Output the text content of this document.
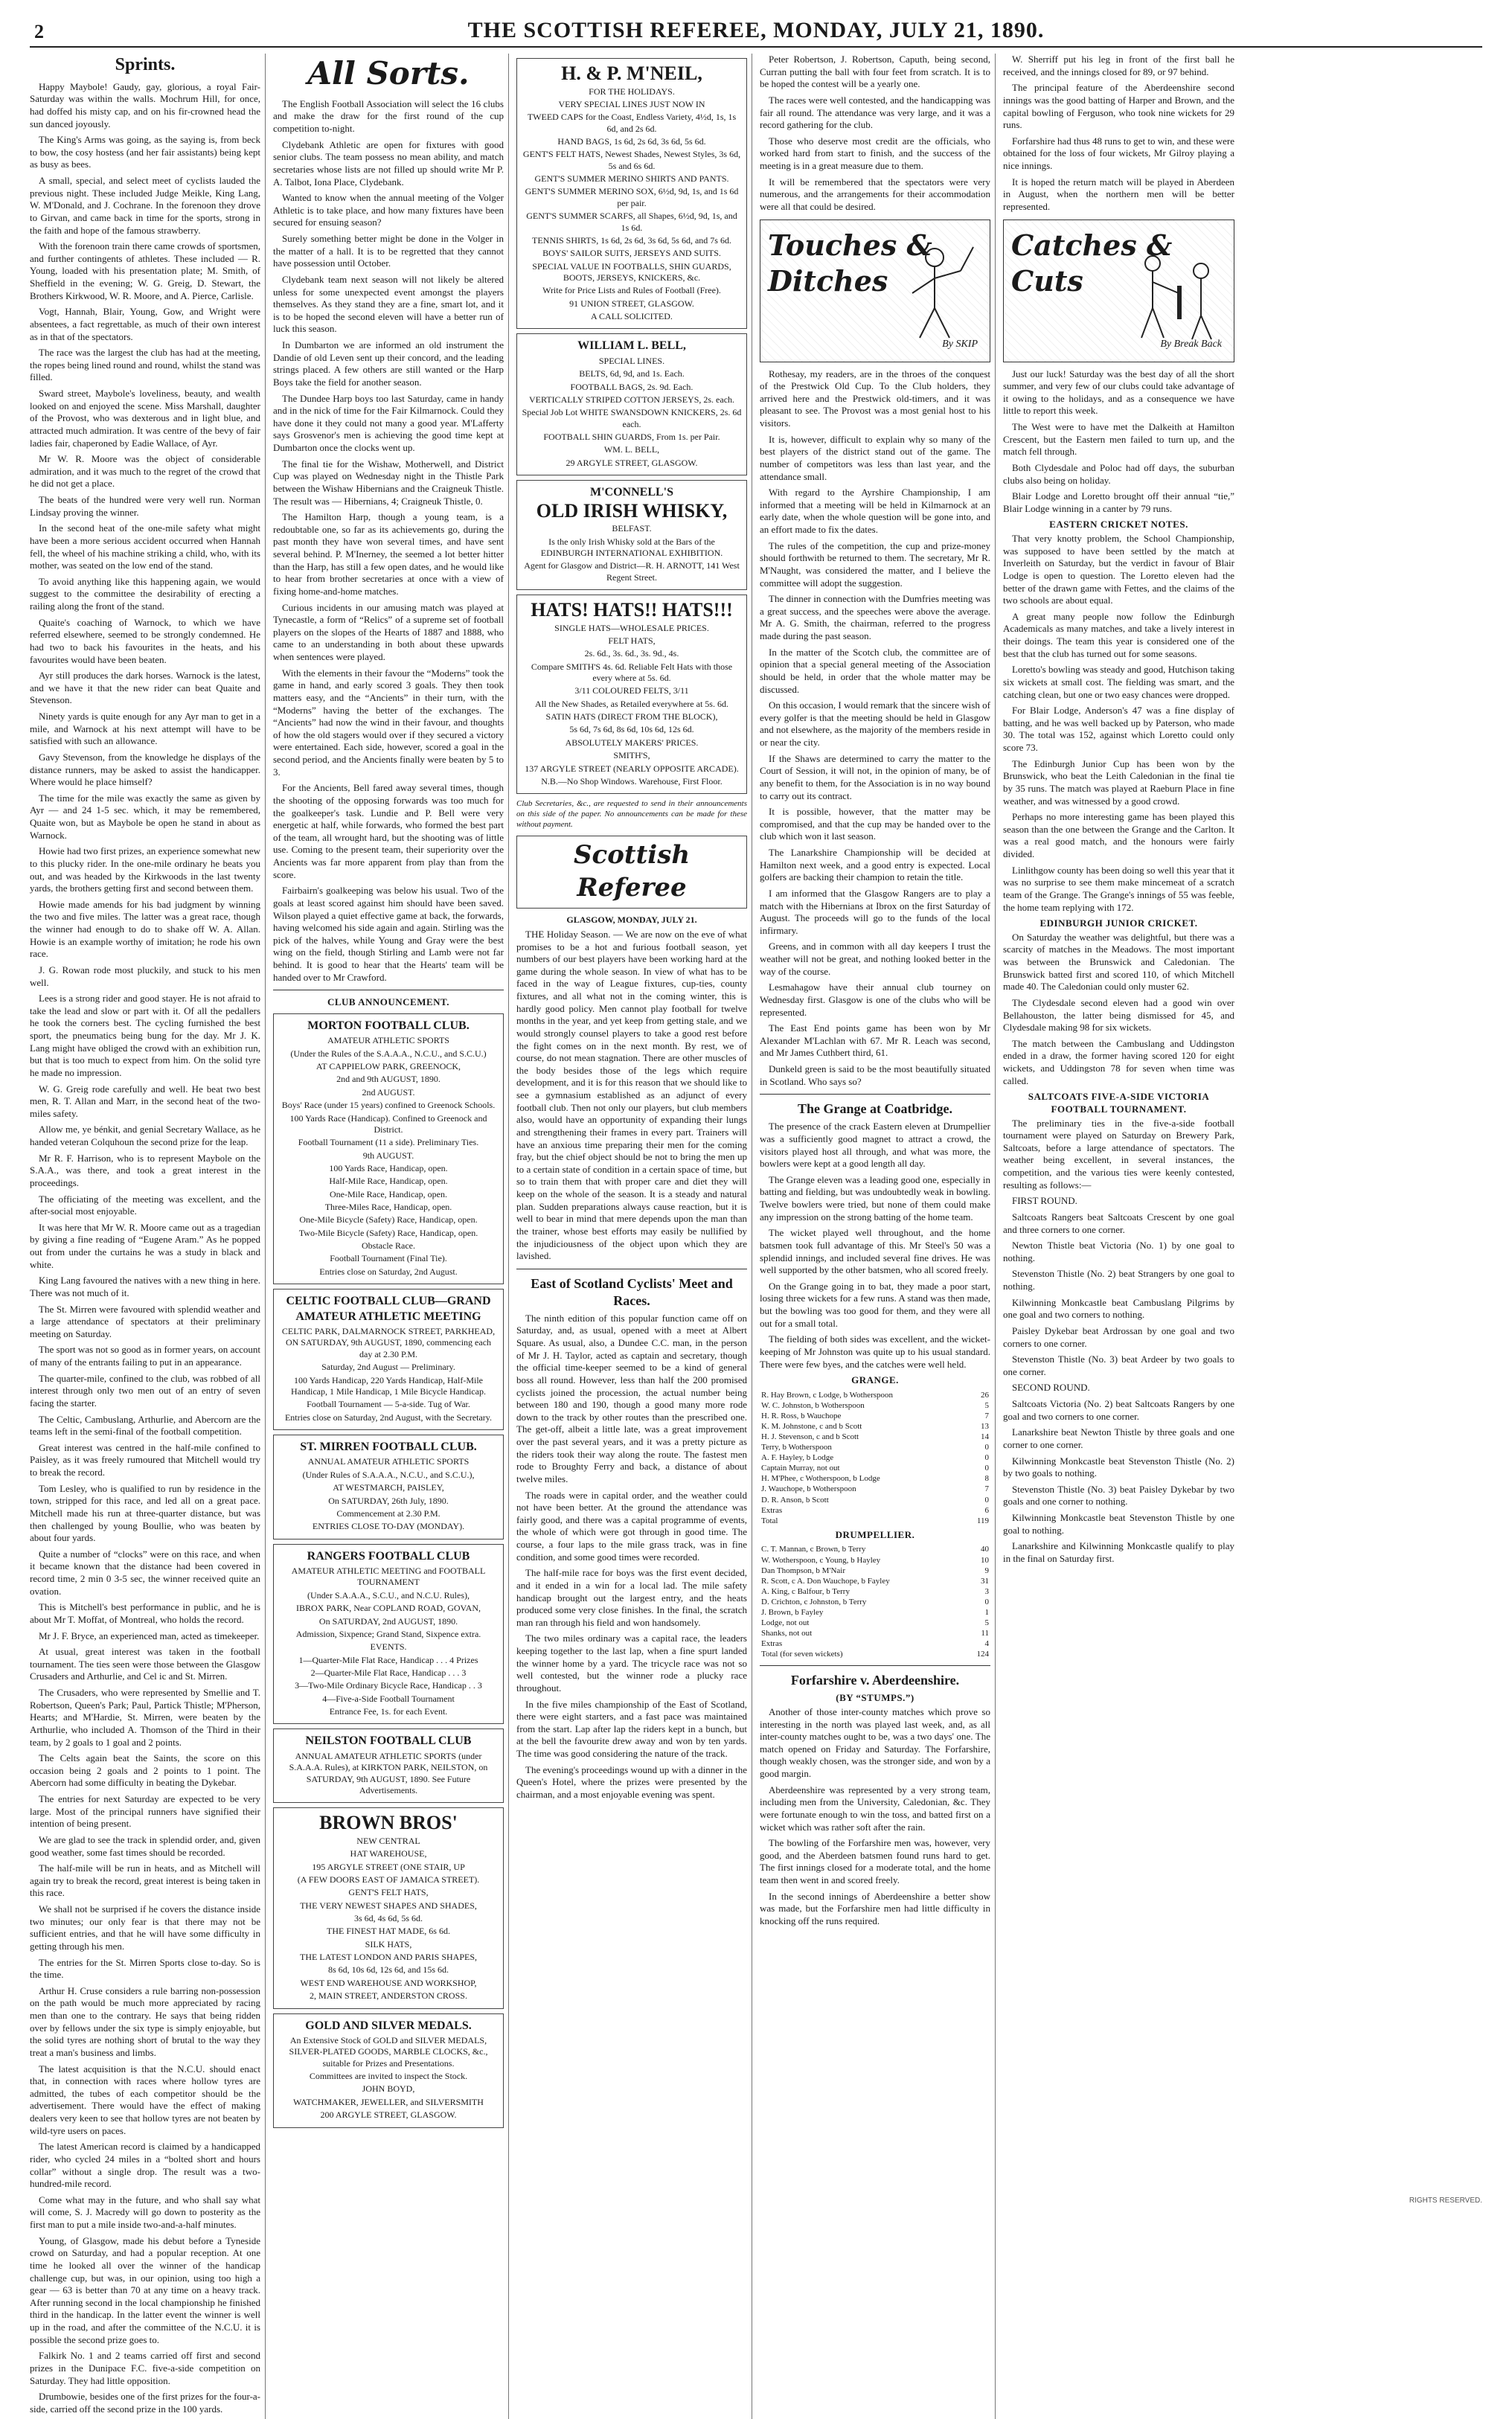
2	THE SCOTTISH REFEREE, MONDAY, JULY 21, 1890.
Sprints.

Happy Maybole! Gaudy, gay, glorious, a royal Fair-Saturday was within the walls. Mochrum Hill, for once, had doffed his misty cap, and on his fir-crowned head the sun danced joyously.

The King's Arms was going, as the saying is, from beck to bow, the cosy hostess (and her fair assistants) being kept as busy as bees.

A small, special, and select meet of cyclists lauded the previous night. These included Judge Meikle, King Lang, W. M'Donald, and J. Cochrane. In the forenoon they drove to Girvan, and came back in time for the sports, strong in the faith and hope of the famous strawberry.

With the forenoon train there came crowds of sportsmen, and further contingents of athletes. These included — R. Young, loaded with his presentation plate; M. Smith, of Sheffield in the evening; W. G. Greig, D. Stewart, the Brothers Kirkwood, W. R. Moore, and A. Pierce, Carlisle.

Vogt, Hannah, Blair, Young, Gow, and Wright were absentees, a fact regrettable, as much of their own interest as in that of the spectators.

The race was the largest the club has had at the meeting, the ropes being lined round and round, whilst the stand was filled.

Sward street, Maybole's loveliness, beauty, and wealth looked on and enjoyed the scene. Miss Marshall, daughter of the Provost, who was dexterous and in light blue, and attracted much admiration. It was centre of the bevy of fair ladies fair, chaperoned by Eadie Wallace, of Ayr.

Mr W. R. Moore was the object of considerable admiration, and it was much to the regret of the crowd that he did not get a place.

The beats of the hundred were very well run. Norman Lindsay proving the winner.

In the second heat of the one-mile safety what might have been a more serious accident occurred when Hannah fell, the wheel of his machine striking a child, who, with its mother, was seated on the low end of the stand.

To avoid anything like this happening again, we would suggest to the committee the desirability of erecting a railing along the front of the stand.

Quaite's coaching of Warnock, to which we have referred elsewhere, seemed to be strongly condemned. He had two to back his favourites in the heats, and his favourites would have been beaten.

Ayr still produces the dark horses. Warnock is the latest, and we have it that the new rider can beat Quaite and Stevenson.

Ninety yards is quite enough for any Ayr man to get in a mile, and Warnock at his next attempt will have to be satisfied with such an allowance.

Gavy Stevenson, from the knowledge he displays of the distance runners, may be asked to assist the handicapper. Where would he place himself?

The time for the mile was exactly the same as given by Ayr — and 24 1-5 sec. which, it may be remembered, Quaite won, but as Maybole be open he stand in about as Warnock.

Howie had two first prizes, an experience somewhat new to this plucky rider. In the one-mile ordinary he beats you out, and was headed by the Kirkwoods in the last twenty yards, the brothers getting first and second between them.

Howie made amends for his bad judgment by winning the two and five miles. The latter was a great race, though the winner had enough to do to shake off W. A. Allan. Howie is an example worthy of imitation; he rode his own race.

J. G. Rowan rode most pluckily, and stuck to his men well.

Lees is a strong rider and good stayer. He is not afraid to take the lead and slow or part with it. Of all the pedallers he took the corners best. The cycling furnished the best sport, the pneumatics being bung for the day. Mr J. K. Lang might have obliged the crowd with an exhibition run, but that is too much to expect from him. On the solid tyre he made no impression.

W. G. Greig rode carefully and well. He beat two best men, R. T. Allan and Marr, in the second heat of the two-miles safety.

Allow me, ye bénkit, and genial Secretary Wallace, as he handed veteran Colquhoun the second prize for the leap.

Mr R. F. Harrison, who is to represent Maybole on the S.A.A., was there, and took a great interest in the proceedings.

The officiating of the meeting was excellent, and the after-social most enjoyable.

It was here that Mr W. R. Moore came out as a tragedian by giving a fine reading of “Eugene Aram.” As he popped out from under the curtains he was a study in black and white.

King Lang favoured the natives with a new thing in here. There was not much of it.

The St. Mirren were favoured with splendid weather and a large attendance of spectators at their preliminary meeting on Saturday.

The sport was not so good as in former years, on account of many of the entrants failing to put in an appearance.

The quarter-mile, confined to the club, was robbed of all interest through only two men out of an entry of seven facing the starter.

The Celtic, Cambuslang, Arthurlie, and Abercorn are the teams left in the semi-final of the football competition.

Great interest was centred in the half-mile confined to Paisley, as it was freely rumoured that Mitchell would try to break the record.

Tom Lesley, who is qualified to run by residence in the town, stripped for this race, and led all on a great pace. Mitchell made his run at three-quarter distance, but was then challenged by young Boullie, who was beaten by about four yards.

Quite a number of “clocks” were on this race, and when it became known that the distance had been covered in record time, 2 min 0 3-5 sec, the winner received quite an ovation.

This is Mitchell's best performance in public, and he is about Mr T. Moffat, of Montreal, who holds the record.

Mr J. F. Bryce, an experienced man, acted as timekeeper.

At usual, great interest was taken in the football tournament. The ties seen were those between the Glasgow Crusaders and Arthurlie, and Cel ic and St. Mirren.

The Crusaders, who were represented by Smellie and T. Robertson, Queen's Park; Paul, Partick Thistle; M'Pherson, Hearts; and M'Hardie, St. Mirren, were beaten by the Arthurlie, who included A. Thomson of the Third in their team, by 2 goals to 1 goal and 2 points.

The Celts again beat the Saints, the score on this occasion being 2 goals and 2 points to 1 point. The Abercorn had some difficulty in beating the Dykebar.

The entries for next Saturday are expected to be very large. Most of the principal runners have signified their intention of being present.

We are glad to see the track in splendid order, and, given good weather, some fast times should be recorded.

The half-mile will be run in heats, and as Mitchell will again try to break the record, great interest is being taken in this race.

We shall not be surprised if he covers the distance inside two minutes; our only fear is that there may not be sufficient entries, and that he will have some difficulty in getting through his men.

The entries for the St. Mirren Sports close to-day. So is the time.

Arthur H. Cruse considers a rule barring non-possession on the path would be much more appreciated by racing men than one to the contrary. He says that being ridden over by fellows under the six type is simply enjoyable, but the solid tyres are nothing short of brutal to the way they treat a man's business and limbs.

The latest acquisition is that the N.C.U. should enact that, in connection with races where hollow tyres are admitted, the tubes of each competitor should be the advertisement. There would have the effect of making dealers very keen to see that hollow tyres are not beaten by wild-tyre users on paces.

The latest American record is claimed by a handicapped rider, who cycled 24 miles in a “bolted short and hours collar” without a single drop. The result was a two-hundred-mile record.

Come what may in the future, and who shall say what will come, S. J. Macredy will go down to posterity as the first man to put a mile inside two-and-a-half minutes.

Young, of Glasgow, made his debut before a Tyneside crowd on Saturday, and had a popular reception. At one time he looked all over the winner of the handicap challenge cup, but was, in our opinion, using too high a gear — 63 is better than 70 at any time on a heavy track. After running second in the local championship he finished third in the handicap. In the latter event the winner is well up in the road, and after the committee of the N.C.U. it is possible the second prize goes to.

Falkirk No. 1 and 2 teams carried off first and second prizes in the Dunipace F.C. five-a-side competition on Saturday. They had little opposition.

Drumbowie, besides one of the first prizes for the four-a-side, carried off the second prize in the 100 yards.

All Sorts.

The English Football Association will select the 16 clubs and make the draw for the first round of the cup competition to-night.

Clydebank Athletic are open for fixtures with good senior clubs. The team possess no mean ability, and match secretaries whose lists are not filled up should write Mr P. A. Talbot, Iona Place, Clydebank.

Wanted to know when the annual meeting of the Volger Athletic is to take place, and how many fixtures have been secured for ensuing season?

Surely something better might be done in the Volger in the matter of a hall. It is to be regretted that they cannot have possession until October.

Clydebank team next season will not likely be altered unless for some unexpected event amongst the players themselves. As they stand they are a fine, smart lot, and it is to be hoped the second eleven will have a better run of luck this season.

In Dumbarton we are informed an old instrument the Dandie of old Leven sent up their concord, and the leading strings placed. A few others are still wanted or the Harp Boys take the field for another season.

The Dundee Harp boys too last Saturday, came in handy and in the nick of time for the Fair Kilmarnock. Could they have done it they could not many a good year. M'Lafferty says Grosvenor's men is achieving the good time kept at Dumbarton once the clocks went up.

The final tie for the Wishaw, Motherwell, and District Cup was played on Wednesday night in the Thistle Park between the Wishaw Hibernians and the Craigneuk Thistle. The result was — Hibernians, 4; Craigneuk Thistle, 0.

The Hamilton Harp, though a young team, is a redoubtable one, so far as its achievements go, during the past month they have won several times, and have sent several behind. P. M'Inerney, the seemed a lot better hitter than the Harp, has still a few open dates, and he would like to hear from brother secretaries at once with a view of fixing home-and-home matches.

Curious incidents in our amusing match was played at Tynecastle, a form of “Relics” of a supreme set of football players on the slopes of the Hearts of 1887 and 1888, who came to an understanding in both about these upwards when sentences were played.

With the elements in their favour the “Moderns” took the game in hand, and early scored 3 goals. They then took matters easy, and the “Ancients” in their turn, with the “Moderns” having the better of the exchanges. The “Ancients” had now the wind in their favour, and thoughts of how the old stagers would over if they secured a victory were entertained. Each side, however, scored a goal in the second period, and the Ancients finally were beaten by 5 to 3.

For the Ancients, Bell fared away several times, though the shooting of the opposing forwards was too much for the goalkeeper's task. Lundie and P. Bell were very energetic at half, while forwards, who formed the best part of the team, all wrought hard, but the shooting was of little use. Coming to the present team, their superiority over the Ancients was far more apparent from play than from the score.

Fairbairn's goalkeeping was below his usual. Two of the goals at least scored against him should have been saved. Wilson played a quiet effective game at back, the forwards, having welcomed his side again and again. Stirling was the pick of the halves, while Young and Gray were the best wing on the field, though Stirling and Lamb were not far behind. It is good to hear that the Hearts' team will be handed over to Mr Crawford.

CLUB ANNOUNCEMENT.
MORTON FOOTBALL CLUB.
AMATEUR ATHLETIC SPORTS
(Under the Rules of the S.A.A.A., N.C.U., and S.C.U.)
AT CAPPIELOW PARK, GREENOCK,
2nd and 9th AUGUST, 1890.
2nd AUGUST.
Boys' Race (under 15 years) confined to Greenock Schools.
100 Yards Race (Handicap). Confined to Greenock and District.
Football Tournament (11 a side). Preliminary Ties.
9th AUGUST.
100 Yards Race, Handicap, open.
Half-Mile Race, Handicap, open.
One-Mile Race, Handicap, open.
Three-Miles Race, Handicap, open.
One-Mile Bicycle (Safety) Race, Handicap, open.
Two-Mile Bicycle (Safety) Race, Handicap, open.
Obstacle Race.
Football Tournament (Final Tie).
Entries close on Saturday, 2nd August.
CELTIC FOOTBALL CLUB—GRAND AMATEUR ATHLETIC MEETING
CELTIC PARK, DALMARNOCK STREET, PARKHEAD, ON SATURDAY, 9th AUGUST, 1890, commencing each day at 2.30 P.M.
Saturday, 2nd August — Preliminary.
100 Yards Handicap, 220 Yards Handicap, Half-Mile Handicap, 1 Mile Handicap, 1 Mile Bicycle Handicap.
Football Tournament — 5-a-side. Tug of War.
Entries close on Saturday, 2nd August, with the Secretary.
ST. MIRREN FOOTBALL CLUB.
ANNUAL AMATEUR ATHLETIC SPORTS
(Under Rules of S.A.A.A., N.C.U., and S.C.U.),
AT WESTMARCH, PAISLEY,
On SATURDAY, 26th July, 1890.
Commencement at 2.30 P.M.
ENTRIES CLOSE TO-DAY (MONDAY).
RANGERS FOOTBALL CLUB
AMATEUR ATHLETIC MEETING and FOOTBALL TOURNAMENT
(Under S.A.A.A., S.C.U., and N.C.U. Rules),
IBROX PARK, Near COPLAND ROAD, GOVAN,
On SATURDAY, 2nd AUGUST, 1890.
Admission, Sixpence; Grand Stand, Sixpence extra.
EVENTS.
1—Quarter-Mile Flat Race, Handicap . . . 4 Prizes
2—Quarter-Mile Flat Race, Handicap . . . 3
3—Two-Mile Ordinary Bicycle Race, Handicap . . 3
4—Five-a-Side Football Tournament
Entrance Fee, 1s. for each Event.
NEILSTON FOOTBALL CLUB
ANNUAL AMATEUR ATHLETIC SPORTS (under S.A.A.A. Rules), at KIRKTON PARK, NEILSTON, on SATURDAY, 9th AUGUST, 1890. See Future Advertisements.
BROWN BROS'
NEW CENTRAL
HAT WAREHOUSE,
195 ARGYLE STREET (ONE STAIR, UP
(A FEW DOORS EAST OF JAMAICA STREET).
GENT'S FELT HATS,
THE VERY NEWEST SHAPES AND SHADES,
3s 6d, 4s 6d, 5s 6d.
THE FINEST HAT MADE, 6s 6d.
SILK HATS,
THE LATEST LONDON AND PARIS SHAPES,
8s 6d, 10s 6d, 12s 6d, and 15s 6d.
WEST END WAREHOUSE AND WORKSHOP,
2, MAIN STREET, ANDERSTON CROSS.
GOLD AND SILVER MEDALS.
An Extensive Stock of GOLD and SILVER MEDALS, SILVER-PLATED GOODS, MARBLE CLOCKS, &c., suitable for Prizes and Presentations.
Committees are invited to inspect the Stock.
JOHN BOYD,
WATCHMAKER, JEWELLER, and SILVERSMITH
200 ARGYLE STREET, GLASGOW.
H. & P. M'NEIL,
FOR THE HOLIDAYS.
VERY SPECIAL LINES JUST NOW IN
TWEED CAPS for the Coast, Endless Variety, 4½d, 1s, 1s 6d, and 2s 6d.
HAND BAGS, 1s 6d, 2s 6d, 3s 6d, 5s 6d.
GENT'S FELT HATS, Newest Shades, Newest Styles, 3s 6d, 5s and 6s 6d.
GENT'S SUMMER MERINO SHIRTS AND PANTS.
GENT'S SUMMER MERINO SOX, 6½d, 9d, 1s, and 1s 6d per pair.
GENT'S SUMMER SCARFS, all Shapes, 6½d, 9d, 1s, and 1s 6d.
TENNIS SHIRTS, 1s 6d, 2s 6d, 3s 6d, 5s 6d, and 7s 6d.
BOYS' SAILOR SUITS, JERSEYS AND SUITS.
SPECIAL VALUE IN FOOTBALLS, SHIN GUARDS, BOOTS, JERSEYS, KNICKERS, &c.
Write for Price Lists and Rules of Football (Free).
91 UNION STREET, GLASGOW.
A CALL SOLICITED.
WILLIAM L. BELL,
SPECIAL LINES.
BELTS, 6d, 9d, and 1s. Each.
FOOTBALL BAGS, 2s. 9d. Each.
VERTICALLY STRIPED COTTON JERSEYS, 2s. each.
Special Job Lot WHITE SWANSDOWN KNICKERS, 2s. 6d each.
FOOTBALL SHIN GUARDS, From 1s. per Pair.
WM. L. BELL,
29 ARGYLE STREET, GLASGOW.
M'CONNELL'S
OLD IRISH WHISKY,
BELFAST.
Is the only Irish Whisky sold at the Bars of the EDINBURGH INTERNATIONAL EXHIBITION.
Agent for Glasgow and District—R. H. ARNOTT, 141 West Regent Street.
HATS! HATS!! HATS!!!
SINGLE HATS—WHOLESALE PRICES.
FELT HATS,
2s. 6d., 3s. 6d., 3s. 9d., 4s.
Compare SMITH'S 4s. 6d. Reliable Felt Hats with those every where at 5s. 6d.
3/11 COLOURED FELTS, 3/11
All the New Shades, as Retailed everywhere at 5s. 6d.
SATIN HATS (DIRECT FROM THE BLOCK),
5s 6d, 7s 6d, 8s 6d, 10s 6d, 12s 6d.
ABSOLUTELY MAKERS' PRICES.
SMITH'S,
137 ARGYLE STREET (NEARLY OPPOSITE ARCADE).
N.B.—No Shop Windows. Warehouse, First Floor.

Club Secretaries, &c., are requested to send in their announcements on this side of the paper. No announcements can be made for these without payment.

Scottish Referee
GLASGOW, MONDAY, JULY 21.

THE Holiday Season. — We are now on the eve of what promises to be a hot and furious football season, yet numbers of our best players have been working hard at the game during the whole season. In view of what has to be faced in the way of League fixtures, cup-ties, county fixtures, and all what not in the coming winter, this is hardly good policy. Men cannot play football for twelve months in the year, and yet keep from getting stale, and we would strongly counsel players to take a good rest before the fight comes on in the next month. By rest, we of course, do not mean stagnation. There are other muscles of the body besides those of the legs which require development, and it is for this reason that we should like to see a gymnasium established as an adjunct of every football club. Then not only our players, but club members also, would have an opportunity of expanding their lungs and strengthening their frames in every part. Trainers will have an anxious time preparing their men for the coming fray, but the chief object should be not to bring the men up to a certain state of condition in a certain space of time, but so to train them that with proper care and diet they will keep on the whole of the season. It is a steady and natural plan. Sudden preparations always cause reaction, but it is well to bear in mind that mere depends upon the man than the trainer, whose best efforts may easily be nullified by the injudiciousness of the object upon which they are lavished.

East of Scotland Cyclists' Meet and Races.

The ninth edition of this popular function came off on Saturday, and, as usual, opened with a meet at Albert Square. As usual, also, a Dundee C.C. man, in the person of Mr J. H. Taylor, acted as captain and secretary, though the official time-keeper seemed to be a kind of general boss all round. However, less than half the 200 promised cyclists joined the procession, the actual number being between 180 and 190, though a good many more rode down to the track by other routes than the prescribed one. The get-off, albeit a little late, was a great improvement over the past several years, and it was a pretty picture as the riders took their way along the route. The fastest men rode to Broughty Ferry and back, a distance of about twelve miles.

The roads were in capital order, and the weather could not have been better. At the ground the attendance was fairly good, and there was a capital programme of events, the whole of which were got through in good time. The course, a four laps to the mile grass track, was in fine condition, and some good times were recorded.

The half-mile race for boys was the first event decided, and it ended in a win for a local lad. The mile safety handicap brought out the largest entry, and the heats produced some very close finishes. In the final, the scratch man ran through his field and won handsomely.

The two miles ordinary was a capital race, the leaders keeping together to the last lap, when a fine spurt landed the winner home by a yard. The tricycle race was not so well contested, but the winner rode a plucky race throughout.

In the five miles championship of the East of Scotland, there were eight starters, and a fast pace was maintained from the start. Lap after lap the riders kept in a bunch, but at the bell the favourite drew away and won by ten yards. The time was good considering the nature of the track.

The evening's proceedings wound up with a dinner in the Queen's Hotel, where the prizes were presented by the chairman, and a most enjoyable evening was spent.

Peter Robertson, J. Robertson, Caputh, being second, Curran putting the ball with four feet from scratch. It is to be hoped the contest will be a yearly one.

The races were well contested, and the handicapping was fair all round. The attendance was very large, and it was a record gathering for the club.

Those who deserve most credit are the officials, who worked hard from start to finish, and the success of the meeting is in a great measure due to them.

It will be remembered that the spectators were very numerous, and the arrangements for their accommodation were all that could be desired.

Touches & Ditches
By SKIP

Rothesay, my readers, are in the throes of the conquest of the Prestwick Old Cup. To the Club holders, they arrived here and the Prestwick old-timers, and it was pleasant to see. The Provost was a most genial host to his visitors.

It is, however, difficult to explain why so many of the best players of the district stand out of the game. The number of competitors was less than last year, and the attendance small.

With regard to the Ayrshire Championship, I am informed that a meeting will be held in Kilmarnock at an early date, when the whole question will be gone into, and an effort made to fix the dates.

The rules of the competition, the cup and prize-money should forthwith be returned to them. The secretary, Mr R. M'Naught, was considered the matter, and I believe the committee will adopt the suggestion.

The dinner in connection with the Dumfries meeting was a great success, and the speeches were above the average. Mr A. G. Smith, the chairman, referred to the progress made during the past season.

In the matter of the Scotch club, the committee are of opinion that a special general meeting of the Association should be held, in order that the whole matter may be discussed.

On this occasion, I would remark that the sincere wish of every golfer is that the meeting should be held in Glasgow and not elsewhere, as the majority of the members reside in or near the city.

If the Shaws are determined to carry the matter to the Court of Session, it will not, in the opinion of many, be of any benefit to them, for the Association is in no way bound to carry out its contract.

It is possible, however, that the matter may be compromised, and that the cup may be handed over to the club which won it last season.

The Lanarkshire Championship will be decided at Hamilton next week, and a good entry is expected. Local golfers are backing their champion to retain the title.

I am informed that the Glasgow Rangers are to play a match with the Hibernians at Ibrox on the first Saturday of August. The proceeds will go to the funds of the local infirmary.

Greens, and in common with all day keepers I trust the weather will not be great, and nothing looked better in the way of the course.

Lesmahagow have their annual club tourney on Wednesday first. Glasgow is one of the clubs who will be represented.

The East End points game has been won by Mr Alexander M'Lachlan with 67. Mr R. Leach was second, and Mr James Cuthbert third, 61.

Dunkeld green is said to be the most beautifully situated in Scotland. Who says so?

The Grange at Coatbridge.

The presence of the crack Eastern eleven at Drumpellier was a sufficiently good magnet to attract a crowd, the visitors played host all through, and what was more, the bowlers were kept at a good length all day.

The Grange eleven was a leading good one, especially in batting and fielding, but was undoubtedly weak in bowling. Twelve bowlers were tried, but none of them could make any impression on the strong batting of the home team.

The wicket played well throughout, and the home batsmen took full advantage of this. Mr Steel's 50 was a splendid innings, and included several fine drives. He was well supported by the other batsmen, who all scored freely.

On the Grange going in to bat, they made a poor start, losing three wickets for a few runs. A stand was then made, but the bowling was too good for them, and they were all out for a small total.

The fielding of both sides was excellent, and the wicket-keeping of Mr Johnston was quite up to his usual standard. There were few byes, and the catches were well held.

GRANGE.
R. Hay Brown, c Lodge, b Wotherspoon	26
W. C. Johnston, b Wotherspoon	5
H. R. Ross, b Wauchope	7
K. M. Johnstone, c and b Scott	13
H. J. Stevenson, c and b Scott	14
Terry, b Wotherspoon	0
A. F. Hayley, b Lodge	0
Captain Murray, not out	0
H. M'Phee, c Wotherspoon, b Lodge	8
J. Wauchope, b Wotherspoon	7
D. R. Anson, b Scott	0
Extras	6
Total	119
DRUMPELLIER.
C. T. Mannan, c Brown, b Terry	40
W. Wotherspoon, c Young, b Hayley	10
Dan Thompson, b M'Nair	9
R. Scott, c A. Don Wauchope, b Fayley	31
A. King, c Balfour, b Terry	3
D. Crichton, c Johnston, b Terry	0
J. Brown, b Fayley	1
Lodge, not out	5
Shanks, not out	11
Extras	4
Total (for seven wickets)	124
Forfarshire v. Aberdeenshire.
(BY “STUMPS.”)

Another of those inter-county matches which prove so interesting in the north was played last week, and, as all inter-county matches ought to be, was a two days' one. The match opened on Friday and Saturday. The Forfarshire, though weakly chosen, was the stronger side, and won by a good margin.

Aberdeenshire was represented by a very strong team, including men from the University, Caledonian, &c. They were fortunate enough to win the toss, and batted first on a wicket which was rather soft after the rain.

The bowling of the Forfarshire men was, however, very good, and the Aberdeen batsmen found runs hard to get. The first innings closed for a moderate total, and the home team then went in and scored freely.

In the second innings of Aberdeenshire a better show was made, but the Forfarshire men had little difficulty in knocking off the runs required.

W. Sherriff put his leg in front of the first ball he received, and the innings closed for 89, or 97 behind.

The principal feature of the Aberdeenshire second innings was the good batting of Harper and Brown, and the capital bowling of Ferguson, who took nine wickets for 29 runs.

Forfarshire had thus 48 runs to get to win, and these were obtained for the loss of four wickets, Mr Gilroy playing a nice innings.

It is hoped the return match will be played in Aberdeen in August, when the northern men will be better represented.

Catches & Cuts
By Break Back

Just our luck! Saturday was the best day of all the short summer, and very few of our clubs could take advantage of it owing to the holidays, and as a consequence we have little to report this week.

The West were to have met the Dalkeith at Hamilton Crescent, but the Eastern men failed to turn up, and the match fell through.

Both Clydesdale and Poloc had off days, the suburban clubs also being on holiday.

Blair Lodge and Loretto brought off their annual “tie,” Blair Lodge winning in a canter by 79 runs.

EASTERN CRICKET NOTES.

That very knotty problem, the School Championship, was supposed to have been settled by the match at Inverleith on Saturday, but the verdict in favour of Blair Lodge is open to question. The Loretto eleven had the better of the drawn game with Fettes, and the claims of the two schools are about equal.

A great many people now follow the Edinburgh Academicals as many matches, and take a lively interest in their doings. The team this year is considered one of the best that the club has turned out for some seasons.

Loretto's bowling was steady and good, Hutchison taking six wickets at small cost. The fielding was smart, and the catching clean, but one or two easy chances were dropped.

For Blair Lodge, Anderson's 47 was a fine display of batting, and he was well backed up by Paterson, who made 30. The total was 152, against which Loretto could only score 73.

The Edinburgh Junior Cup has been won by the Brunswick, who beat the Leith Caledonian in the final tie by 35 runs. The match was played at Raeburn Place in fine weather, and was witnessed by a good crowd.

Perhaps no more interesting game has been played this season than the one between the Grange and the Carlton. It was a real good match, and the honours were fairly divided.

Linlithgow county has been doing so well this year that it was no surprise to see them make mincemeat of a scratch team of the Grange. The Grange's innings of 55 was feeble, the home team replying with 172.

EDINBURGH JUNIOR CRICKET.

On Saturday the weather was delightful, but there was a scarcity of matches in the Meadows. The most important was between the Brunswick and Caledonian. The Brunswick batted first and scored 110, of which Mitchell made 40. The Caledonian could only muster 62.

The Clydesdale second eleven had a good win over Bellahouston, the latter being dismissed for 45, and Clydesdale making 98 for six wickets.

The match between the Cambuslang and Uddingston ended in a draw, the former having scored 120 for eight wickets, and Uddingston 78 for seven when time was called.

SALTCOATS FIVE-A-SIDE VICTORIA FOOTBALL TOURNAMENT.

The preliminary ties in the five-a-side football tournament were played on Saturday on Brewery Park, Saltcoats, before a large attendance of spectators. The weather being excellent, in several instances, the competition, and the various ties were keenly contested, resulting as follows:—

FIRST ROUND.

Saltcoats Rangers beat Saltcoats Crescent by one goal and three corners to one corner.

Newton Thistle beat Victoria (No. 1) by one goal to nothing.

Stevenston Thistle (No. 2) beat Strangers by one goal to nothing.

Kilwinning Monkcastle beat Cambuslang Pilgrims by one goal and two corners to nothing.

Paisley Dykebar beat Ardrossan by one goal and two corners to one corner.

Stevenston Thistle (No. 3) beat Ardeer by two goals to one corner.

SECOND ROUND.

Saltcoats Victoria (No. 2) beat Saltcoats Rangers by one goal and two corners to one corner.

Lanarkshire beat Newton Thistle by three goals and one corner to one corner.

Kilwinning Monkcastle beat Stevenston Thistle (No. 2) by two goals to nothing.

Stevenston Thistle (No. 3) beat Paisley Dykebar by two goals and one corner to nothing.

Kilwinning Monkcastle beat Stevenston Thistle by one goal to nothing.

Lanarkshire and Kilwinning Monkcastle qualify to play in the final on Saturday first.

RIGHTS RESERVED.
